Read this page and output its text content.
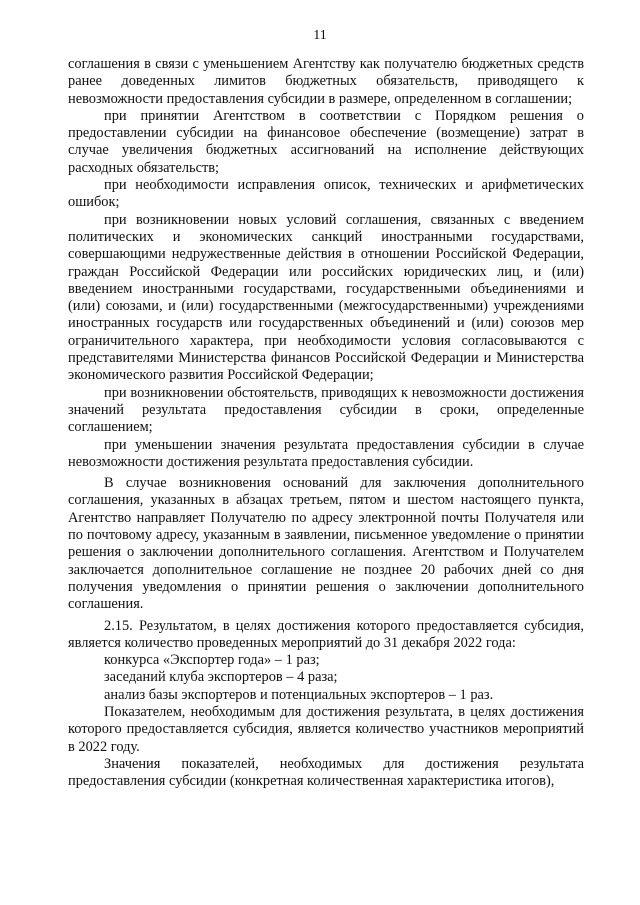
11

соглашения в связи с уменьшением Агентству как получателю бюджетных средств ранее доведенных лимитов бюджетных обязательств, приводящего к невозможности предоставления субсидии в размере, определенном в соглашении;

при принятии Агентством в соответствии с Порядком решения о предоставлении субсидии на финансовое обеспечение (возмещение) затрат в случае увеличения бюджетных ассигнований на исполнение действующих расходных обязательств;

при необходимости исправления описок, технических и арифметических ошибок;

при возникновении новых условий соглашения, связанных с введением политических и экономических санкций иностранными государствами, совершающими недружественные действия в отношении Российской Федерации, граждан Российской Федерации или российских юридических лиц, и (или) введением иностранными государствами, государственными объединениями и (или) союзами, и (или) государственными (межгосударственными) учреждениями иностранных государств или государственных объединений и (или) союзов мер ограничительного характера, при необходимости условия согласовываются с представителями Министерства финансов Российской Федерации и Министерства экономического развития Российской Федерации;

при возникновении обстоятельств, приводящих к невозможности достижения значений результата предоставления субсидии в сроки, определенные соглашением;

при уменьшении значения результата предоставления субсидии в случае невозможности достижения результата предоставления субсидии.

В случае возникновения оснований для заключения дополнительного соглашения, указанных в абзацах третьем, пятом и шестом настоящего пункта, Агентство направляет Получателю по адресу электронной почты Получателя или по почтовому адресу, указанным в заявлении, письменное уведомление о принятии решения о заключении дополнительного соглашения. Агентством и Получателем заключается дополнительное соглашение не позднее 20 рабочих дней со дня получения уведомления о принятии решения о заключении дополнительного соглашения.

2.15. Результатом, в целях достижения которого предоставляется субсидия, является количество проведенных мероприятий до 31 декабря 2022 года:

конкурса «Экспортер года» – 1 раз;

заседаний клуба экспортеров – 4 раза;

анализ базы экспортеров и потенциальных экспортеров – 1 раз.

Показателем, необходимым для достижения результата, в целях достижения которого предоставляется субсидия, является количество участников мероприятий в 2022 году.

Значения показателей, необходимых для достижения результата предоставления субсидии (конкретная количественная характеристика итогов),
